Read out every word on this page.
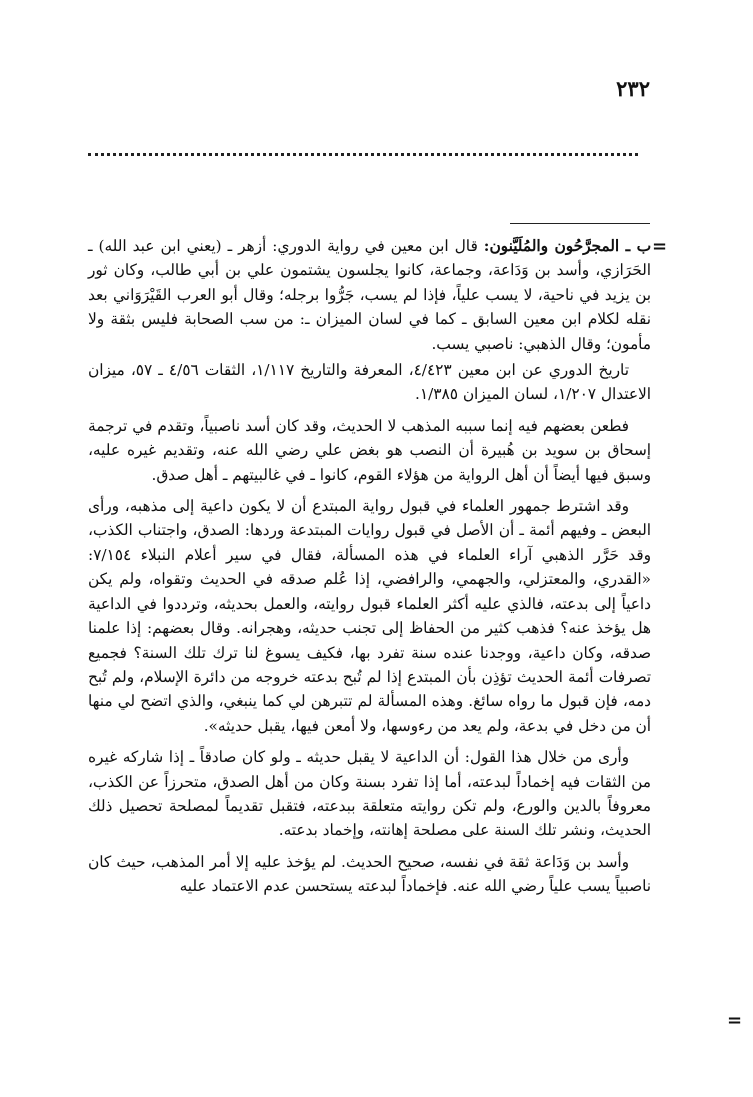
٢٣٢
=
=

ب ـ المجرَّحُون والمُلَيَّنون: قال ابن معين في رواية الدوري: أزهر ـ (يعني ابن عبد الله) ـ الحَرَازي، وأسد بن وَدَاعة، وجماعة، كانوا يجلسون يشتمون علي بن أبي طالب، وكان ثور بن يزيد في ناحية، لا يسب علياً، فإذا لم يسب، جَرُّوا برجله؛ وقال أبو العرب القَيْرَوَاني بعد نقله لكلام ابن معين السابق ـ كما في لسان الميزان ـ: من سب الصحابة فليس بثقة ولا مأمون؛ وقال الذهبي: ناصبي يسب.

تاريخ الدوري عن ابن معين ٤/٤٢٣، المعرفة والتاريخ ١/١١٧، الثقات ٤/٥٦ ـ ٥٧، ميزان الاعتدال ١/٢٠٧، لسان الميزان ١/٣٨٥.

فطعن بعضهم فيه إنما سببه المذهب لا الحديث، وقد كان أسد ناصبياً، وتقدم في ترجمة إسحاق بن سويد بن هُبيرة أن النصب هو بغض علي رضي الله عنه، وتقديم غيره عليه، وسبق فيها أيضاً أن أهل الرواية من هؤلاء القوم، كانوا ـ في غالبيتهم ـ أهل صدق.

وقد اشترط جمهور العلماء في قبول رواية المبتدع أن لا يكون داعية إلى مذهبه، ورأى البعض ـ وفيهم أئمة ـ أن الأصل في قبول روايات المبتدعة وردها: الصدق، واجتناب الكذب، وقد حَرَّر الذهبي آراء العلماء في هذه المسألة، فقال في سير أعلام النبلاء ٧/١٥٤: «القدري، والمعتزلي، والجهمي، والرافضي، إذا عُلم صدقه في الحديث وتقواه، ولم يكن داعياً إلى بدعته، فالذي عليه أكثر العلماء قبول روايته، والعمل بحديثه، وترددوا في الداعية هل يؤخذ عنه؟ فذهب كثير من الحفاظ إلى تجنب حديثه، وهجرانه. وقال بعضهم: إذا علمنا صدقه، وكان داعية، ووجدنا عنده سنة تفرد بها، فكيف يسوغ لنا ترك تلك السنة؟ فجميع تصرفات أئمة الحديث تؤذِن بأن المبتدع إذا لم تُبح بدعته خروجه من دائرة الإسلام، ولم تُبح دمه، فإن قبول ما رواه سائغ. وهذه المسألة لم تتبرهن لي كما ينبغي، والذي اتضح لي منها أن من دخل في بدعة، ولم يعد من رءوسها، ولا أمعن فيها، يقبل حديثه».

وأرى من خلال هذا القول: أن الداعية لا يقبل حديثه ـ ولو كان صادقاً ـ إذا شاركه غيره من الثقات فيه إخماداً لبدعته، أما إذا تفرد بسنة وكان من أهل الصدق، متحرزاً عن الكذب، معروفاً بالدين والورع، ولم تكن روايته متعلقة ببدعته، فتقبل تقديماً لمصلحة تحصيل ذلك الحديث، ونشر تلك السنة على مصلحة إهانته، وإخماد بدعته.

وأسد بن وَدَاعة ثقة في نفسه، صحيح الحديث. لم يؤخذ عليه إلا أمر المذهب، حيث كان ناصبياً يسب علياً رضي الله عنه. فإخماداً لبدعته يستحسن عدم الاعتماد عليه
